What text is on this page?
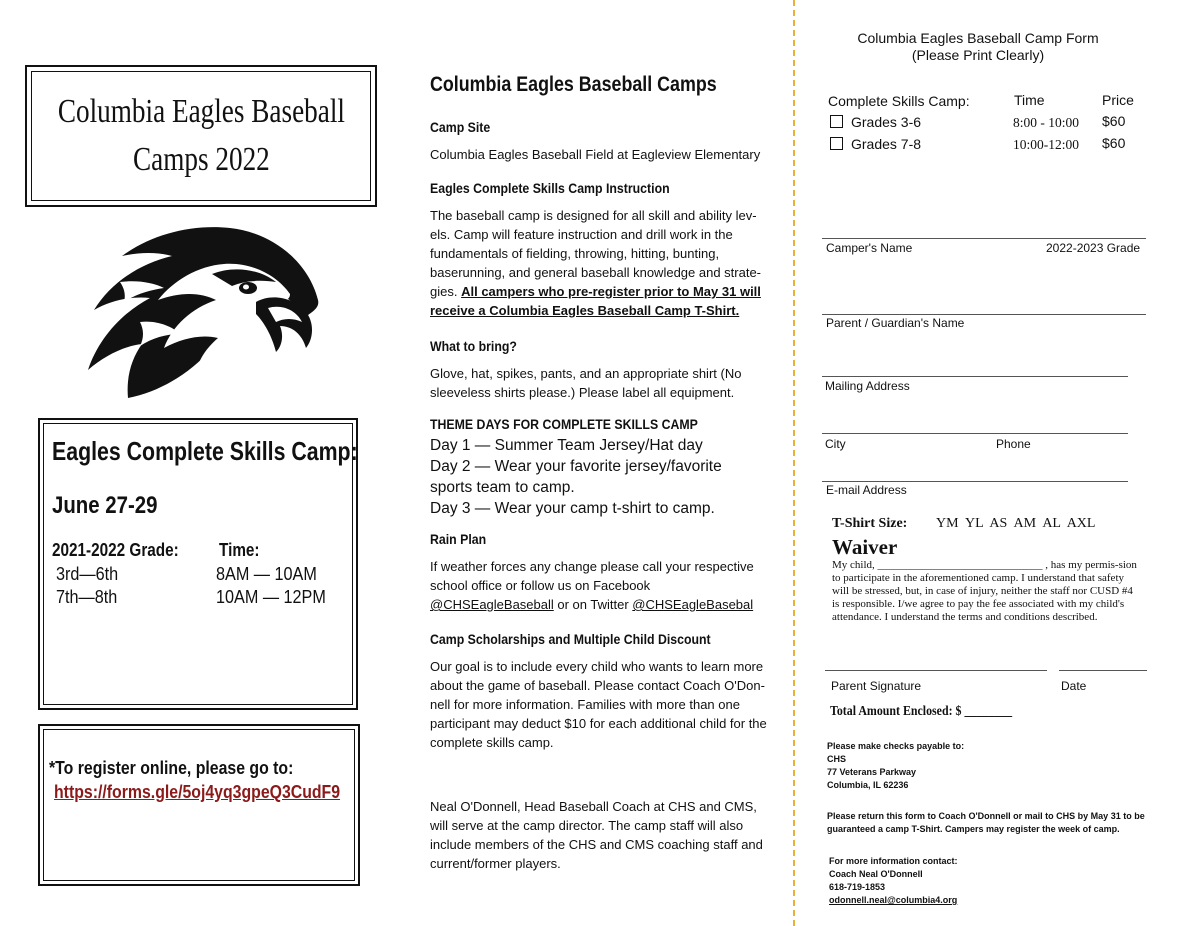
Columbia Eagles Baseball
Camps 2022
Eagles Complete Skills Camp:
June 27-29
2021-2022 Grade: Time:
3rd—6th	8AM — 10AM
7th—8th	10AM — 12PM
*To register online, please go to:
https://forms.gle/5oj4yq3gpeQ3CudF9
Columbia Eagles Baseball Camps
Camp Site
Columbia Eagles Baseball Field at Eagleview Elementary
Eagles Complete Skills Camp Instruction
The baseball camp is designed for all skill and ability lev-els. Camp will feature instruction and drill work in the fundamentals of fielding, throwing, hitting, bunting, baserunning, and general baseball knowledge and strate-gies. All campers who pre-register prior to May 31 will receive a Columbia Eagles Baseball Camp T-Shirt.
What to bring?
Glove, hat, spikes, pants, and an appropriate shirt (No sleeveless shirts please.) Please label all equipment.
THEME DAYS FOR COMPLETE SKILLS CAMP
Day 1 — Summer Team Jersey/Hat day
Day 2 — Wear your favorite jersey/favorite sports team to camp.
Day 3 — Wear your camp t-shirt to camp.
Rain Plan
If weather forces any change please call your respective school office or follow us on Facebook @CHSEagleBaseball or on Twitter @CHSEagleBasebal
Camp Scholarships and Multiple Child Discount
Our goal is to include every child who wants to learn more about the game of baseball. Please contact Coach O'Don-nell for more information. Families with more than one participant may deduct $10 for each additional child for the complete skills camp.
Neal O'Donnell, Head Baseball Coach at CHS and CMS, will serve at the camp director. The camp staff will also include members of the CHS and CMS coaching staff and current/former players.
Columbia Eagles Baseball Camp Form
(Please Print Clearly)
Complete Skills Camp:	Time	Price
Grades 3-6	8:00 - 10:00 $60
Grades 7-8	10:00-12:00 $60
Camper's Name	2022-2023 Grade
Parent / Guardian's Name
Mailing Address
City	Phone
E-mail Address
T-Shirt Size: YM  YL  AS  AM  AL  AXL
Waiver
My child, ______________________________ , has my permis-sion to participate in the aforementioned camp. I understand that safety will be stressed, but, in case of injury, neither the staff nor CUSD #4 is responsible. I/we agree to pay the fee associated with my child's attendance. I understand the terms and conditions described.
Parent Signature	Date
Total Amount Enclosed: $ ________
Please make checks payable to:
CHS
77 Veterans Parkway
Columbia, IL 62236
Please return this form to Coach O'Donnell or mail to CHS by May 31 to be guaranteed a camp T-Shirt. Campers may register the week of camp.
For more information contact:
Coach Neal O'Donnell
618-719-1853
odonnell.neal@columbia4.org
